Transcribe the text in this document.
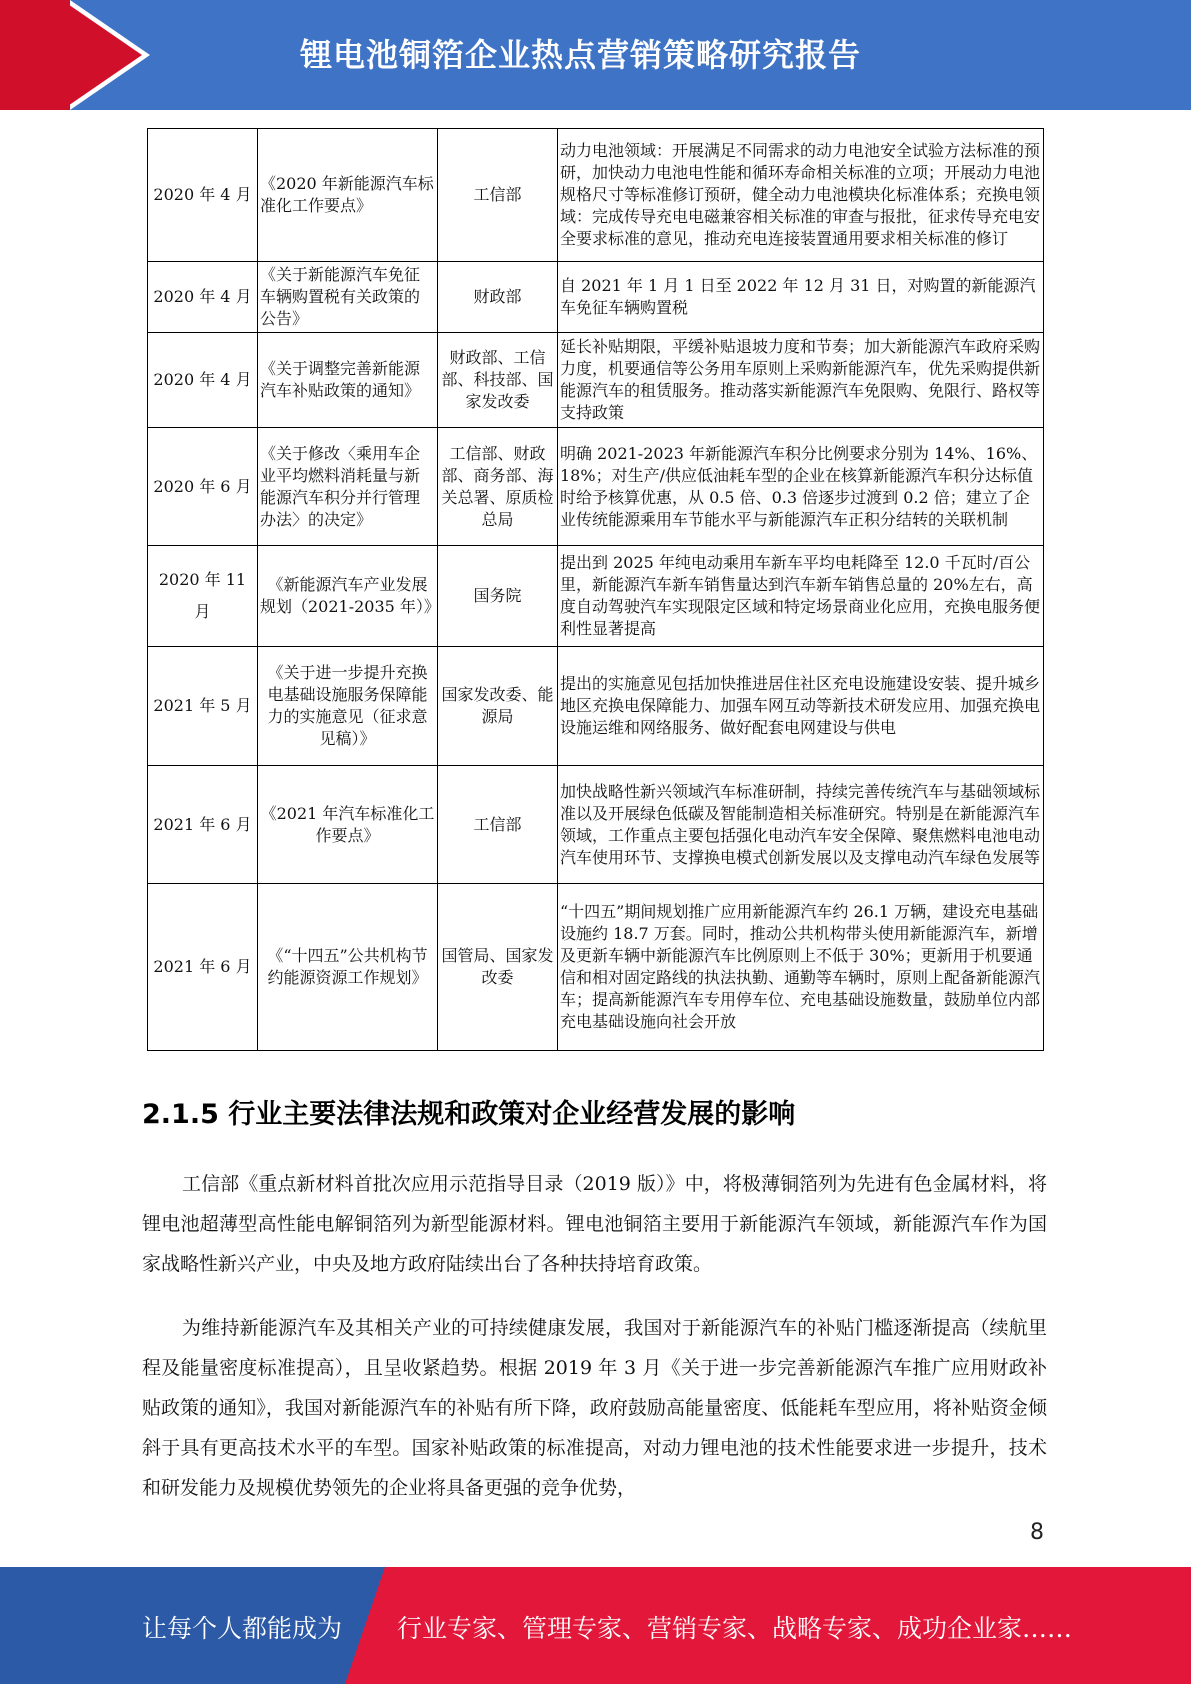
锂电池铜箔企业热点营销策略研究报告
2020 年 4 月	《2020 年新能源汽车标准化工作要点》	工信部	动力电池领域：开展满足不同需求的动力电池安全试验方法标准的预研，加快动力电池电性能和循环寿命相关标准的立项；开展动力电池规格尺寸等标准修订预研，健全动力电池模块化标准体系；充换电领域：完成传导充电电磁兼容相关标准的审查与报批，征求传导充电安全要求标准的意见，推动充电连接装置通用要求相关标准的修订
2020 年 4 月	《关于新能源汽车免征车辆购置税有关政策的公告》	财政部	自 2021 年 1 月 1 日至 2022 年 12 月 31 日，对购置的新能源汽车免征车辆购置税
2020 年 4 月	《关于调整完善新能源汽车补贴政策的通知》	财政部、工信部、科技部、国家发改委	延长补贴期限，平缓补贴退坡力度和节奏；加大新能源汽车政府采购力度，机要通信等公务用车原则上采购新能源汽车，优先采购提供新能源汽车的租赁服务。推动落实新能源汽车免限购、免限行、路权等支持政策
2020 年 6 月	《关于修改〈乘用车企业平均燃料消耗量与新能源汽车积分并行管理办法〉的决定》	工信部、财政部、商务部、海关总署、原质检总局	明确 2021-2023 年新能源汽车积分比例要求分别为 14%、16%、18%；对生产/供应低油耗车型的企业在核算新能源汽车积分达标值时给予核算优惠，从 0.5 倍、0.3 倍逐步过渡到 0.2 倍；建立了企业传统能源乘用车节能水平与新能源汽车正积分结转的关联机制
2020 年 11 月	《新能源汽车产业发展规划（2021-2035 年）》	国务院	提出到 2025 年纯电动乘用车新车平均电耗降至 12.0 千瓦时/百公里，新能源汽车新车销售量达到汽车新车销售总量的 20%左右，高度自动驾驶汽车实现限定区域和特定场景商业化应用，充换电服务便利性显著提高
2021 年 5 月	《关于进一步提升充换电基础设施服务保障能力的实施意见（征求意见稿）》	国家发改委、能源局	提出的实施意见包括加快推进居住社区充电设施建设安装、提升城乡地区充换电保障能力、加强车网互动等新技术研发应用、加强充换电设施运维和网络服务、做好配套电网建设与供电
2021 年 6 月	《2021 年汽车标准化工作要点》	工信部	加快战略性新兴领域汽车标准研制，持续完善传统汽车与基础领域标准以及开展绿色低碳及智能制造相关标准研究。特别是在新能源汽车领域，工作重点主要包括强化电动汽车安全保障、聚焦燃料电池电动汽车使用环节、支撑换电模式创新发展以及支撑电动汽车绿色发展等
2021 年 6 月	《“十四五”公共机构节约能源资源工作规划》	国管局、国家发改委	“十四五”期间规划推广应用新能源汽车约 26.1 万辆，建设充电基础设施约 18.7 万套。同时，推动公共机构带头使用新能源汽车，新增及更新车辆中新能源汽车比例原则上不低于 30%；更新用于机要通信和相对固定路线的执法执勤、通勤等车辆时，原则上配备新能源汽车；提高新能源汽车专用停车位、充电基础设施数量，鼓励单位内部充电基础设施向社会开放
2.1.5 行业主要法律法规和政策对企业经营发展的影响

工信部《重点新材料首批次应用示范指导目录（2019 版）》中，将极薄铜箔列为先进有色金属材料，将锂电池超薄型高性能电解铜箔列为新型能源材料。锂电池铜箔主要用于新能源汽车领域，新能源汽车作为国家战略性新兴产业，中央及地方政府陆续出台了各种扶持培育政策。

为维持新能源汽车及其相关产业的可持续健康发展，我国对于新能源汽车的补贴门槛逐渐提高（续航里程及能量密度标准提高），且呈收紧趋势。根据 2019 年 3 月《关于进一步完善新能源汽车推广应用财政补贴政策的通知》，我国对新能源汽车的补贴有所下降，政府鼓励高能量密度、低能耗车型应用，将补贴资金倾斜于具有更高技术水平的车型。国家补贴政策的标准提高，对动力锂电池的技术性能要求进一步提升，技术和研发能力及规模优势领先的企业将具备更强的竞争优势，

8
让每个人都能成为 行业专家、管理专家、营销专家、战略专家、成功企业家……
